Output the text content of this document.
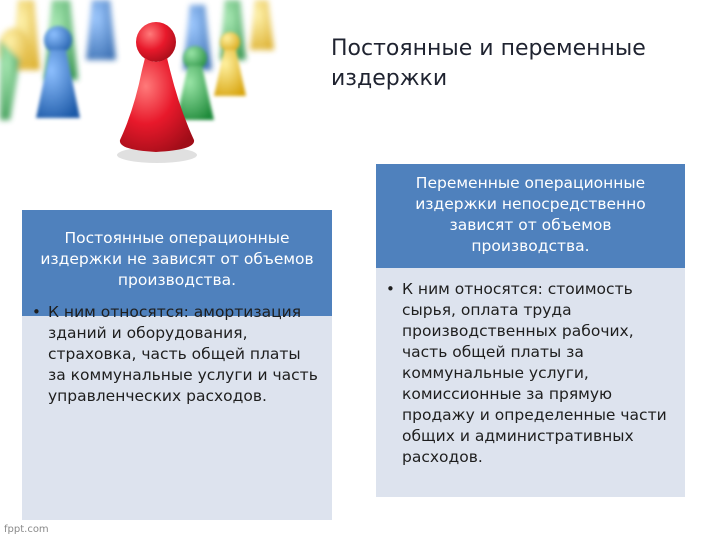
Постоянные и переменные издержки
Постоянные операционные издержки не зависят от объемов производства.
• К ним относятся: амортизация зданий и оборудования, страховка, часть общей платы за коммунальные услуги и часть управленческих расходов.
Переменные операционные издержки непосредственно зависят от объемов производства.
• К ним относятся: стоимость сырья, оплата труда производственных рабочих, часть общей платы за коммунальные услуги, комиссионные за прямую продажу и определенные части общих и административных расходов.
fppt.com
